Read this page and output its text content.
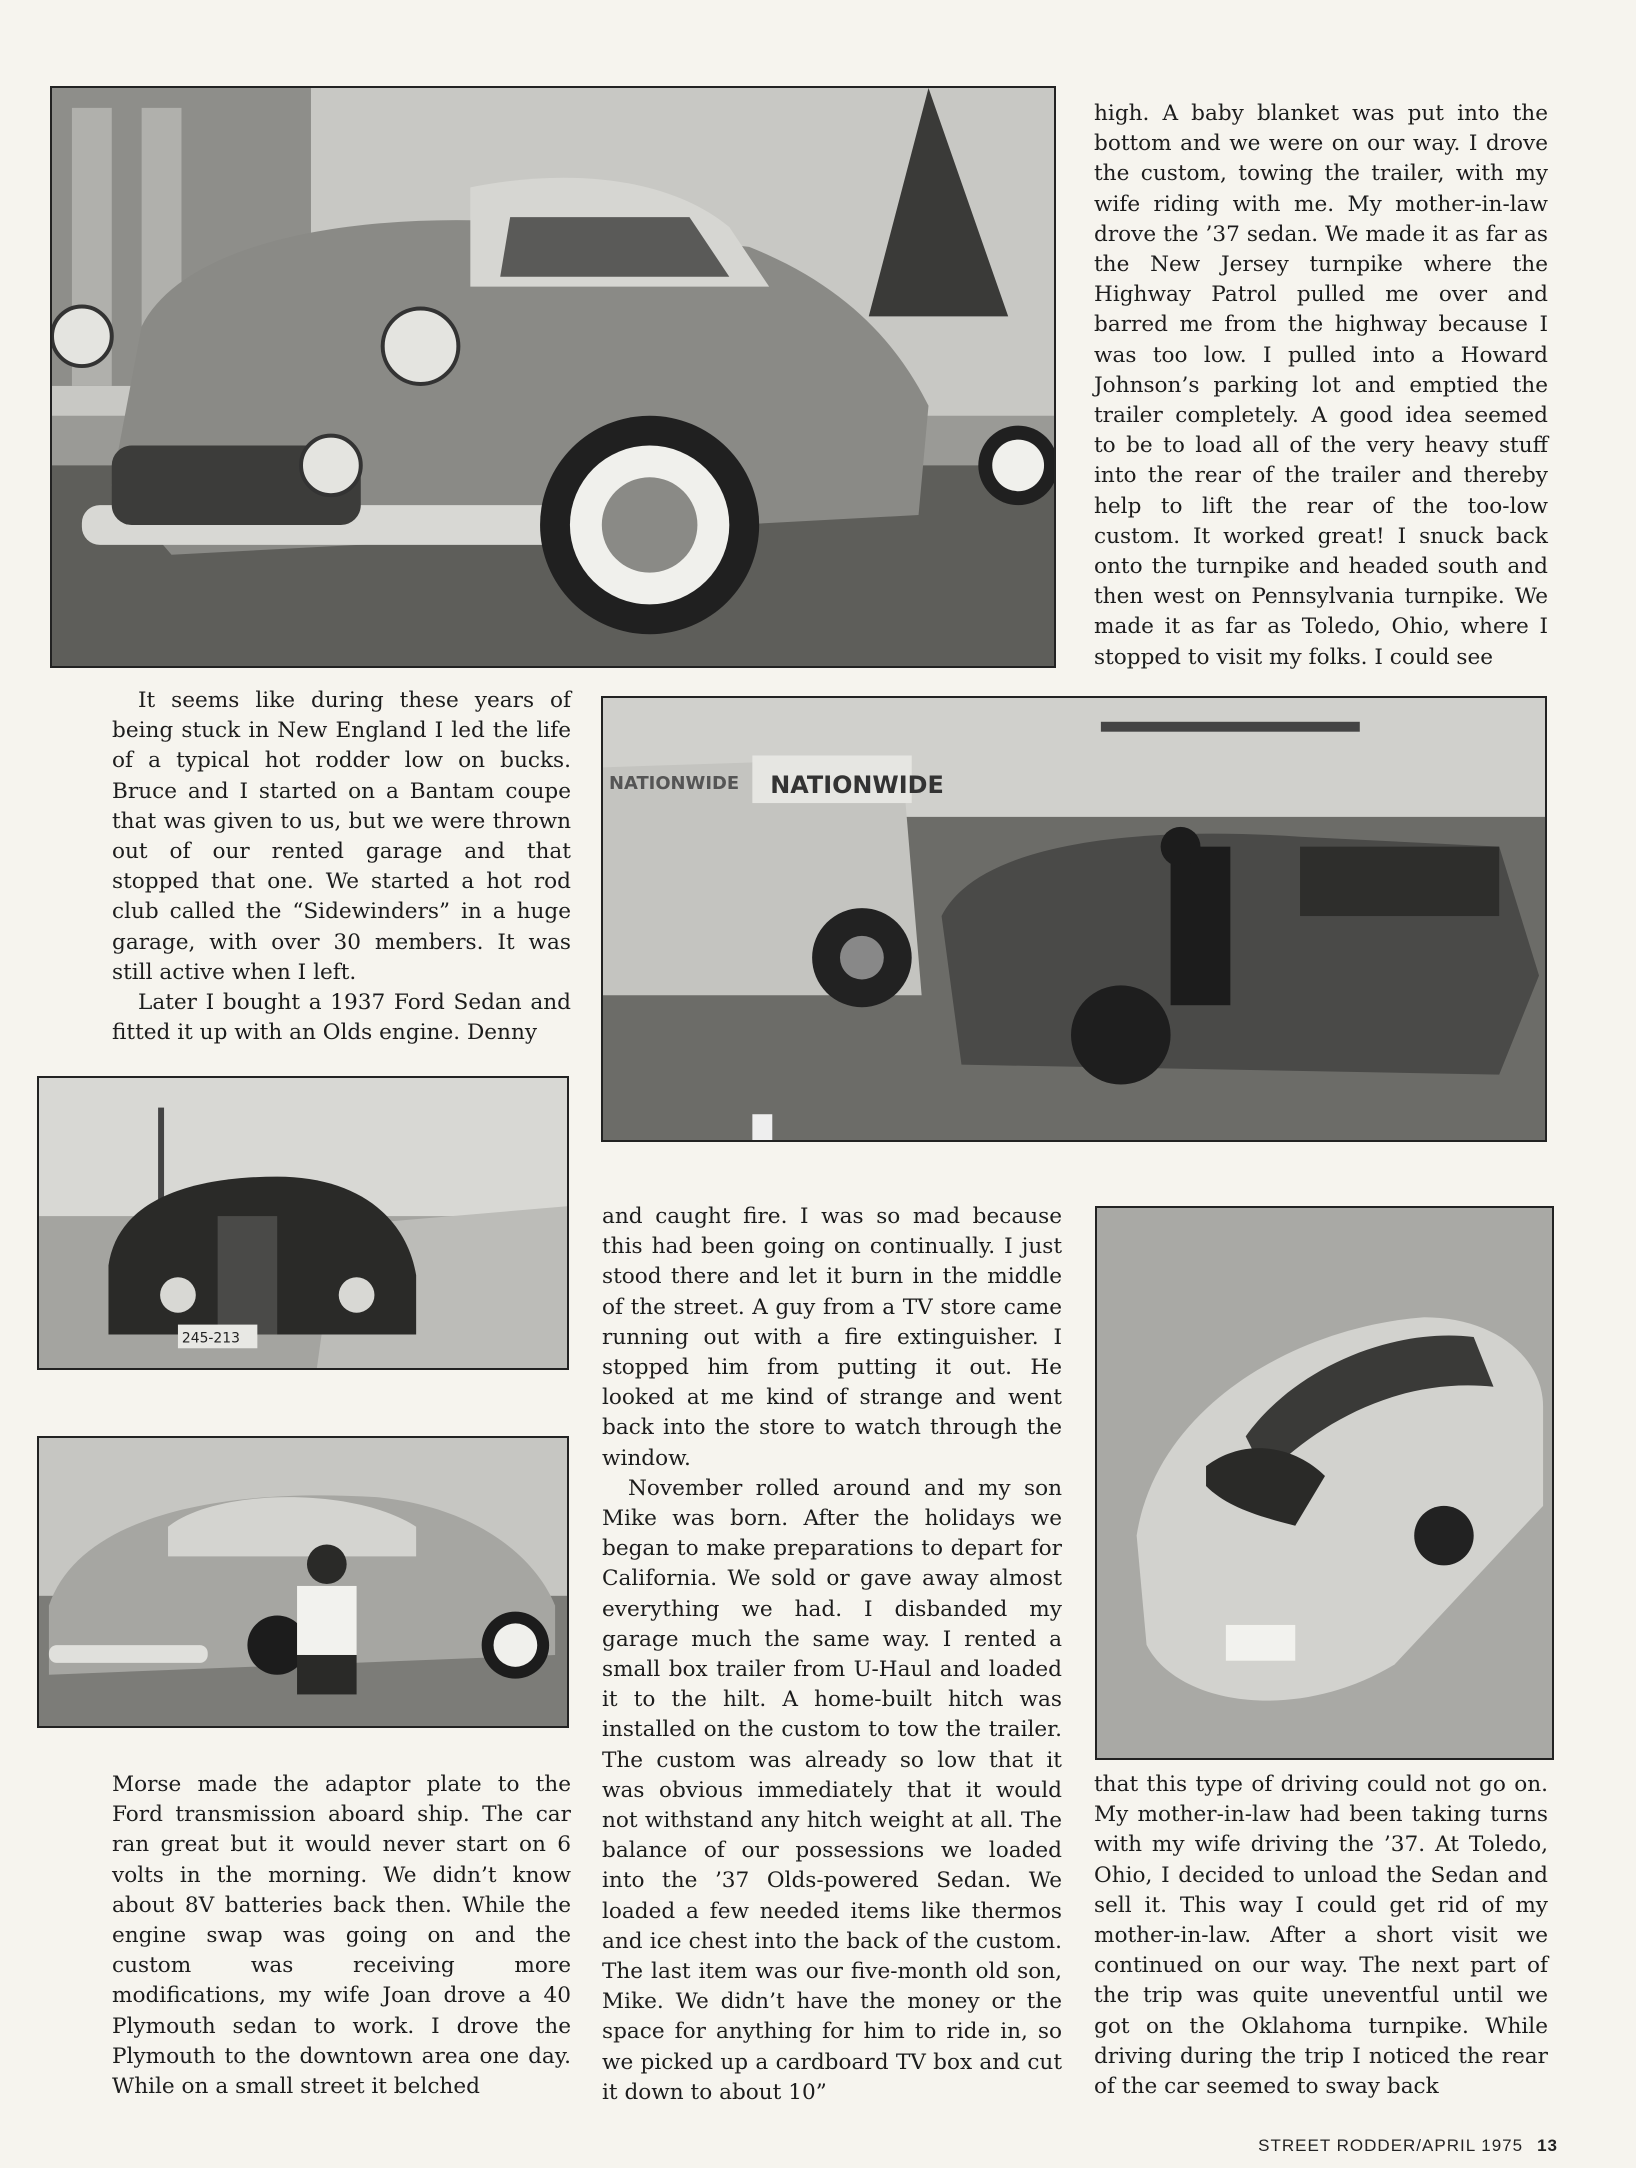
high. A baby blanket was put into the bottom and we were on our way. I drove the custom, towing the trailer, with my wife riding with me. My mother-in-law drove the ’37 sedan. We made it as far as the New Jersey turnpike where the Highway Patrol pulled me over and barred me from the highway because I was too low. I pulled into a Howard Johnson’s parking lot and emptied the trailer completely. A good idea seemed to be to load all of the very heavy stuff into the rear of the trailer and thereby help to lift the rear of the too-low custom. It worked great! I snuck back onto the turnpike and headed south and then west on Pennsylvania turnpike. We made it as far as Toledo, Ohio, where I stopped to visit my folks. I could see

It seems like during these years of being stuck in New England I led the life of a typical hot rodder low on bucks. Bruce and I started on a Bantam coupe that was given to us, but we were thrown out of our rented garage and that stopped that one. We started a hot rod club called the “Sidewinders” in a huge garage, with over 30 members. It was still active when I left.

Later I bought a 1937 Ford Sedan and fitted it up with an Olds engine. Denny

NATIONWIDE
NATIONWIDE
245-213

Morse made the adaptor plate to the Ford transmission aboard ship. The car ran great but it would never start on 6 volts in the morning. We didn’t know about 8V batteries back then. While the engine swap was going on and the custom was receiving more modifications, my wife Joan drove a 40 Plymouth sedan to work. I drove the Plymouth to the downtown area one day. While on a small street it belched

and caught fire. I was so mad because this had been going on continually. I just stood there and let it burn in the middle of the street. A guy from a TV store came running out with a fire extinguisher. I stopped him from putting it out. He looked at me kind of strange and went back into the store to watch through the window.

November rolled around and my son Mike was born. After the holidays we began to make preparations to depart for California. We sold or gave away almost everything we had. I disbanded my garage much the same way. I rented a small box trailer from U-Haul and loaded it to the hilt. A home-built hitch was installed on the custom to tow the trailer. The custom was already so low that it was obvious immediately that it would not withstand any hitch weight at all. The balance of our possessions we loaded into the ’37 Olds-powered Sedan. We loaded a few needed items like thermos and ice chest into the back of the custom. The last item was our five-month old son, Mike. We didn’t have the money or the space for anything for him to ride in, so we picked up a cardboard TV box and cut it down to about 10”

that this type of driving could not go on. My mother-in-law had been taking turns with my wife driving the ’37. At Toledo, Ohio, I decided to unload the Sedan and sell it. This way I could get rid of my mother-in-law. After a short visit we continued on our way. The next part of the trip was quite uneventful until we got on the Oklahoma turnpike. While driving during the trip I noticed the rear of the car seemed to sway back

STREET RODDER/APRIL 1975 13
